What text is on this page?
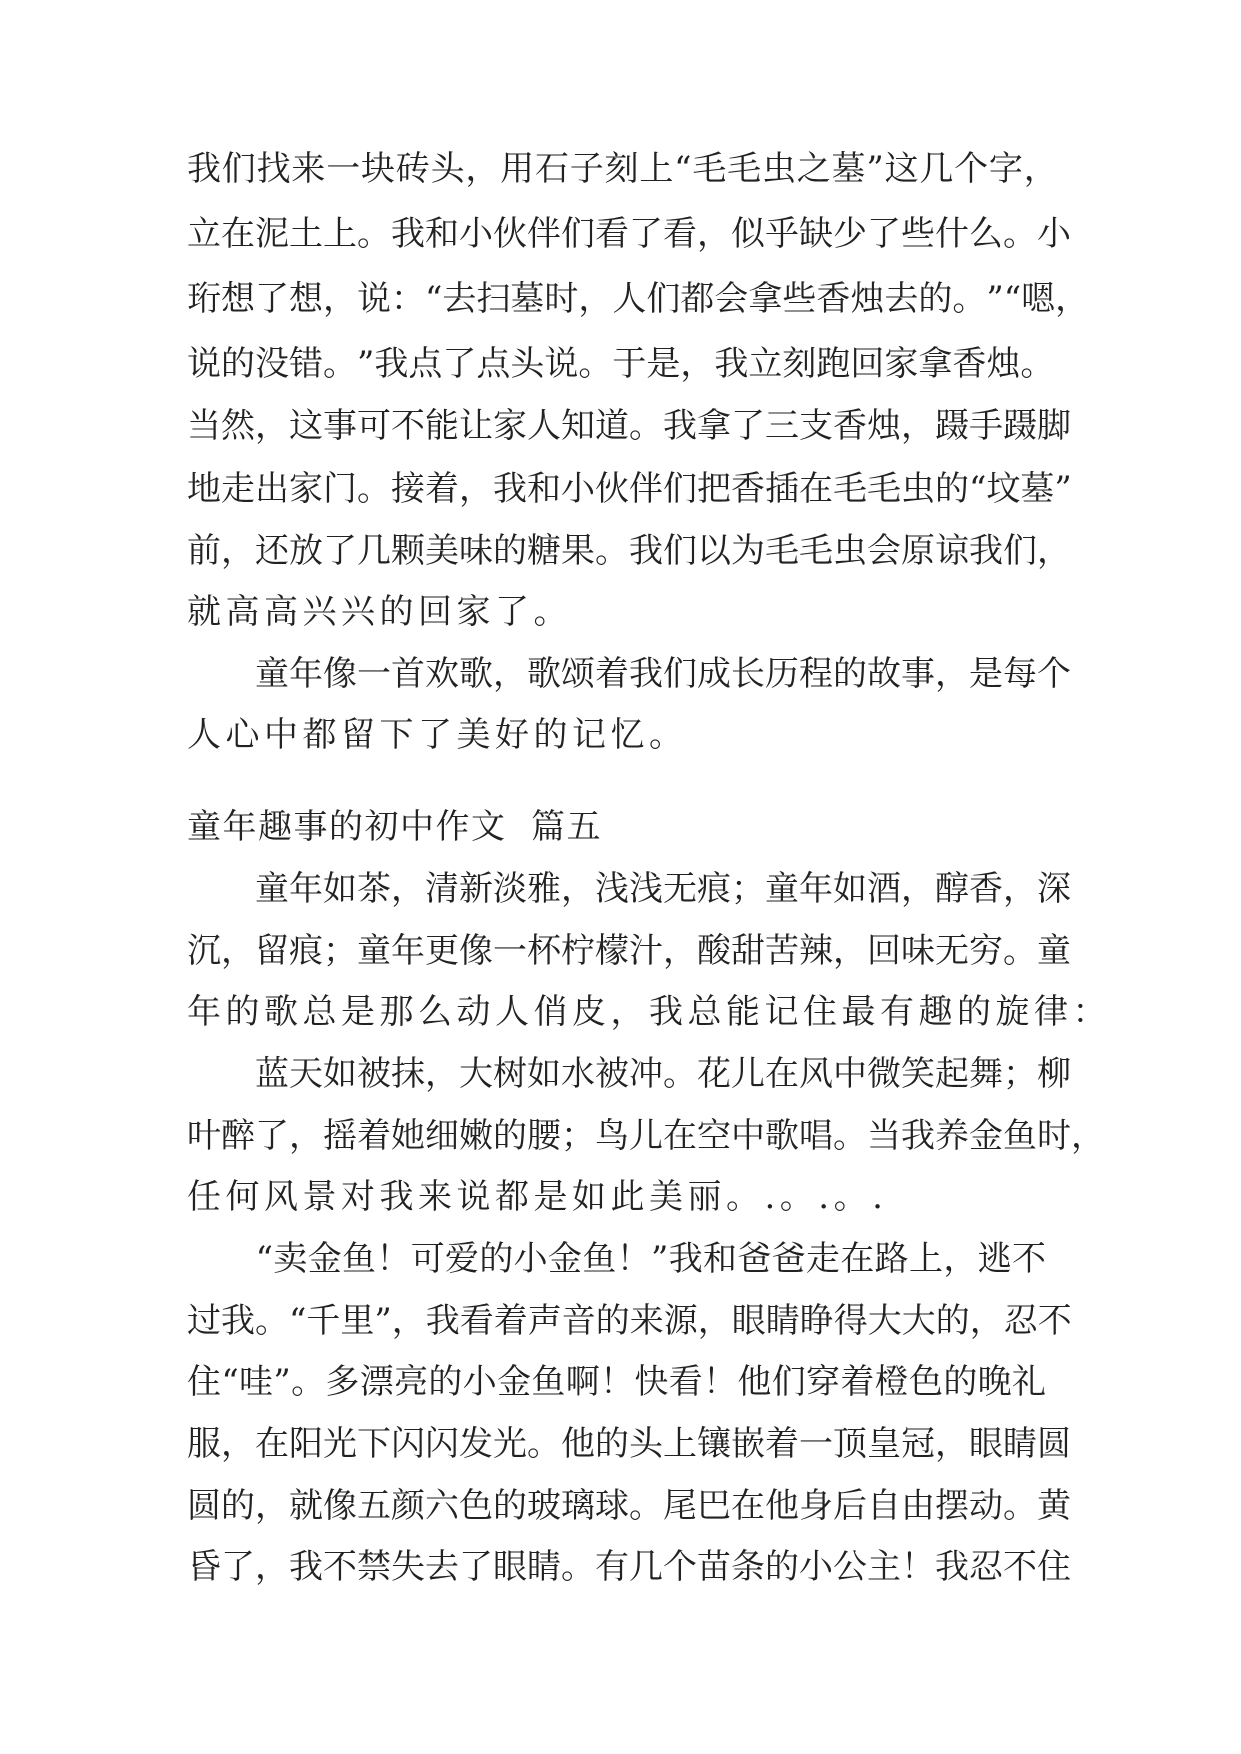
我 们 找 来 一 块 砖 头 ， 用 石 子 刻 上 “ 毛 毛 虫 之 墓 ” 这 几 个 字 ，
立 在 泥 土 上 。 我 和 小 伙 伴 们 看 了 看 ， 似 乎 缺 少 了 些 什 么 。 小
珩 想 了 想 ， 说 ： “ 去 扫 墓 时 ， 人 们 都 会 拿 些 香 烛 去 的 。 ” “ 嗯 ，
说 的 没 错 。 ” 我 点 了 点 头 说 。 于 是 ， 我 立 刻 跑 回 家 拿 香 烛 。
当 然 ， 这 事 可 不 能 让 家 人 知 道 。 我 拿 了 三 支 香 烛 ， 蹑 手 蹑 脚
地 走 出 家 门 。 接 着 ， 我 和 小 伙 伴 们 把 香 插 在 毛 毛 虫 的 “ 坟 墓 ”
前 ， 还 放 了 几 颗 美 味 的 糖 果 。 我 们 以 为 毛 毛 虫 会 原 谅 我 们 ，
就高高兴兴的回家了。

童 年 像 一 首 欢 歌 ， 歌 颂 着 我 们 成 长 历 程 的 故 事 ， 是 每 个
人心中都留下了美好的记忆。
童年趣事的初中作文  篇五

童 年 如 茶 ， 清 新 淡 雅 ， 浅 浅 无 痕 ； 童 年 如 酒 ， 醇 香 ， 深
沉 ， 留 痕 ； 童 年 更 像 一 杯 柠 檬 汁 ， 酸 甜 苦 辣 ， 回 味 无 穷 。 童
年的歌总是那么动人俏皮，我总能记住最有趣的旋律：

蓝 天 如 被 抹 ， 大 树 如 水 被 冲 。 花 儿 在 风 中 微 笑 起 舞 ； 柳
叶 醉 了 ， 摇 着 她 细 嫩 的 腰 ； 鸟 儿 在 空 中 歌 唱 。 当 我 养 金 鱼 时 ，
任何风景对我来说都是如此美丽。.。.。.

“ 卖 金 鱼 ！ 可 爱 的 小 金 鱼 ！ ” 我 和 爸 爸 走 在 路 上 ， 逃 不
过 我 。 “ 千 里 ” ， 我 看 着 声 音 的 来 源 ， 眼 睛 睁 得 大 大 的 ， 忍 不
住 “ 哇 ” 。 多 漂 亮 的 小 金 鱼 啊 ！ 快 看 ！ 他 们 穿 着 橙 色 的 晚 礼
服 ， 在 阳 光 下 闪 闪 发 光 。 他 的 头 上 镶 嵌 着 一 顶 皇 冠 ， 眼 睛 圆
圆 的 ， 就 像 五 颜 六 色 的 玻 璃 球 。 尾 巴 在 他 身 后 自 由 摆 动 。 黄
昏 了 ， 我 不 禁 失 去 了 眼 睛 。 有 几 个 苗 条 的 小 公 主 ！ 我 忍 不 住
